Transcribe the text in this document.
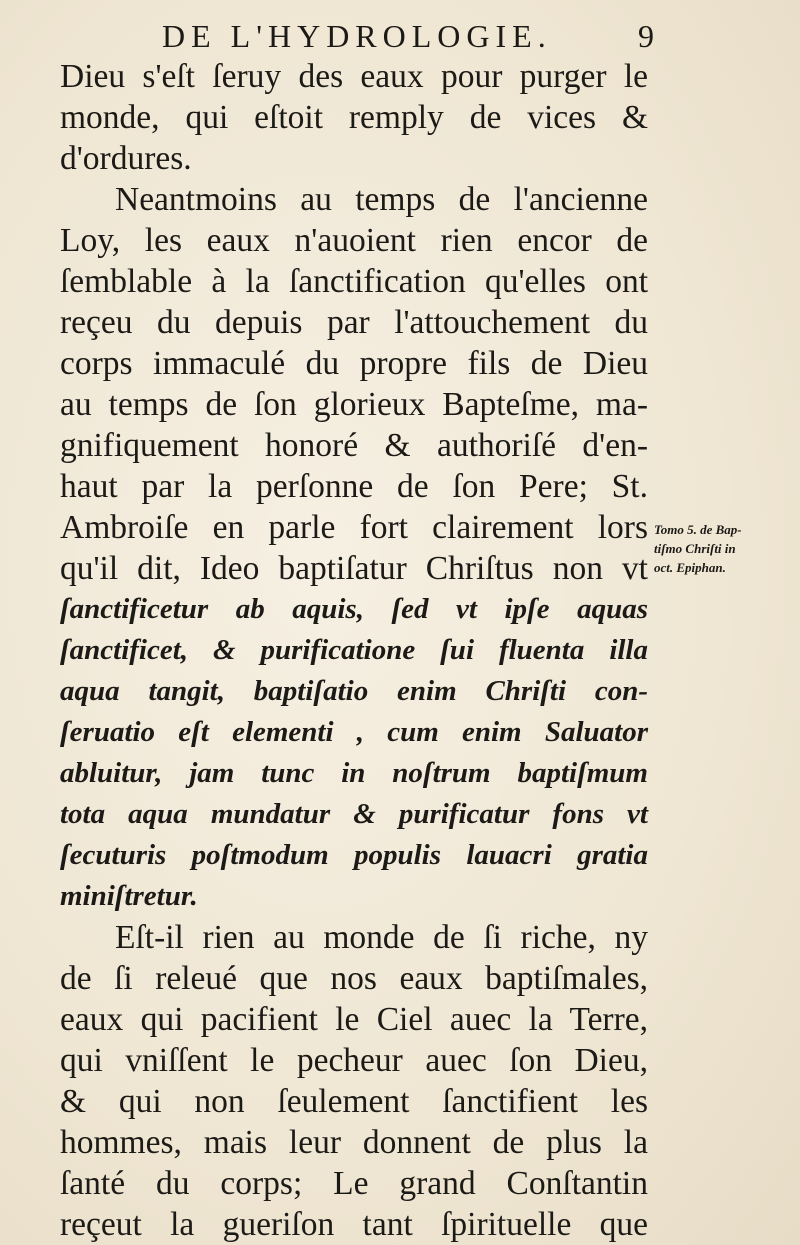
DE L'HYDROLOGIE.	9
Dieu s'eſt ſeruy des eaux pour purger le
monde, qui eſtoit remply de vices &
d'ordures.
Neantmoins au temps de l'ancienne
Loy, les eaux n'auoient rien encor de
ſemblable à la ſanctification qu'elles ont
reçeu du depuis par l'attouchement du
corps immaculé du propre fils de Dieu
au temps de ſon glorieux Bapteſme, ma-
gnifiquement honoré & authoriſé d'en-
haut par la perſonne de ſon Pere; St.
Ambroiſe en parle fort clairement lors
qu'il dit, Ideo baptiſatur Chriſtus non vt
ſanctificetur ab aquis, ſed vt ipſe aquas
ſanctificet, & purificatione ſui fluenta illa
aqua tangit, baptiſatio enim Chriſti con-
ſeruatio eſt elementi , cum enim Saluator
abluitur, jam tunc in noſtrum baptiſmum
tota aqua mundatur & purificatur fons vt
ſecuturis poſtmodum populis lauacri gratia
miniſtretur.
Eſt-il rien au monde de ſi riche, ny
de ſi releué que nos eaux baptiſmales,
eaux qui pacifient le Ciel auec la Terre,
qui vniſſent le pecheur auec ſon Dieu,
& qui non ſeulement ſanctifient les
hommes, mais leur donnent de plus la
ſanté du corps; Le grand Conſtantin
reçeut la gueriſon tant ſpirituelle que
Tomo 5. de Bap-
tiſmo Chriſti in
oct. Epiphan.
